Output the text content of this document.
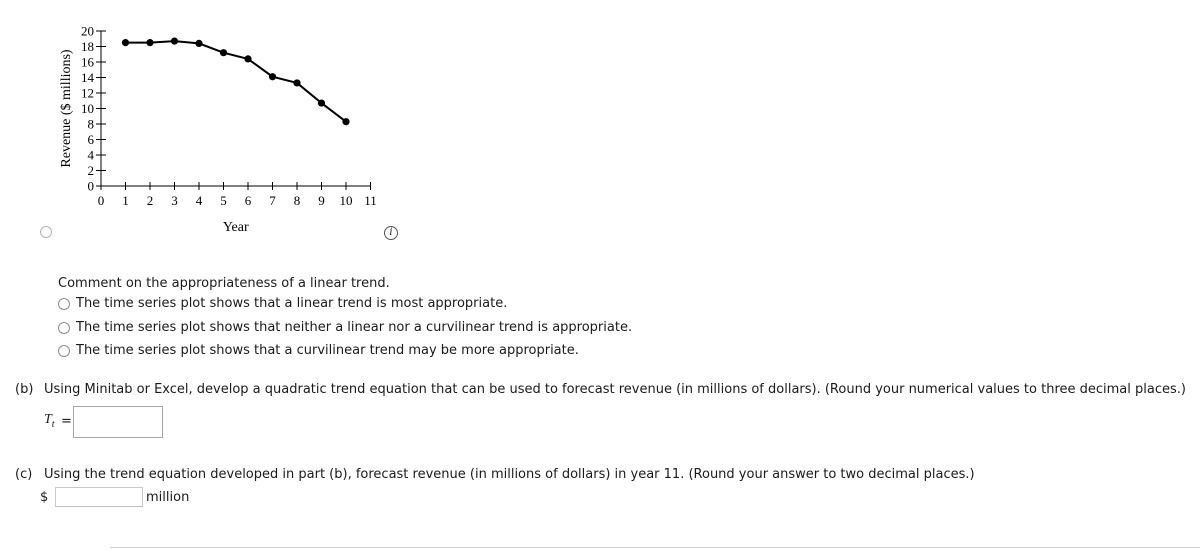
0
2
4
6
8
10
12
14
16
18
20
0 1 2 3 4 5 6 7 8 9 10 11
Year
Revenue ($ millions)
i
Comment on the appropriateness of a linear trend.
The time series plot shows that a linear trend is most appropriate.
The time series plot shows that neither a linear nor a curvilinear trend is appropriate.
The time series plot shows that a curvilinear trend may be more appropriate.
(b) Using Minitab or Excel, develop a quadratic trend equation that can be used to forecast revenue (in millions of dollars). (Round your numerical values to three decimal places.)
$T_t$ =
(c) Using the trend equation developed in part (b), forecast revenue (in millions of dollars) in year 11. (Round your answer to two decimal places.)
$	million
